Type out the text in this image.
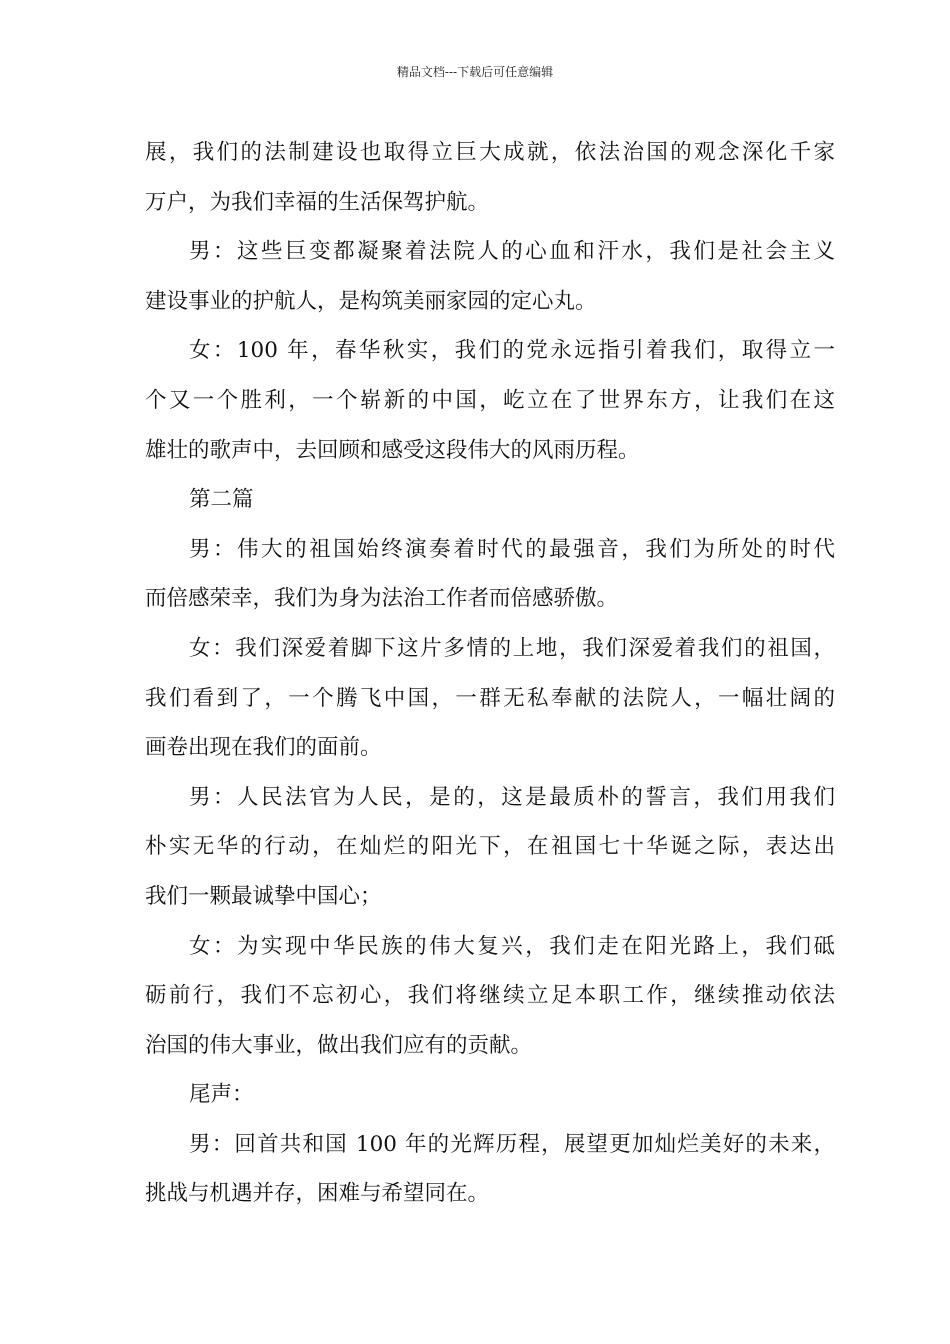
精品文档---下载后可任意编辑
展，我们的法制建设也取得立巨大成就，依法治国的观念深化千家
万户，为我们幸福的生活保驾护航。
男：这些巨变都凝聚着法院人的心血和汗水，我们是社会主义
建设事业的护航人，是构筑美丽家园的定心丸。
女：100 年，春华秋实，我们的党永远指引着我们，取得立一
个又一个胜利，一个崭新的中国，屹立在了世界东方，让我们在这
雄壮的歌声中，去回顾和感受这段伟大的风雨历程。
第二篇
男：伟大的祖国始终演奏着时代的最强音，我们为所处的时代
而倍感荣幸，我们为身为法治工作者而倍感骄傲。
女：我们深爱着脚下这片多情的上地，我们深爱着我们的祖国，
我们看到了，一个腾飞中国，一群无私奉献的法院人，一幅壮阔的
画卷出现在我们的面前。
男：人民法官为人民，是的，这是最质朴的誓言，我们用我们
朴实无华的行动，在灿烂的阳光下，在祖国七十华诞之际，表达出
我们一颗最诚挚中国心；
女：为实现中华民族的伟大复兴，我们走在阳光路上，我们砥
砺前行，我们不忘初心，我们将继续立足本职工作，继续推动依法
治国的伟大事业，做出我们应有的贡献。
尾声：
男：回首共和国 100 年的光辉历程，展望更加灿烂美好的未来，
挑战与机遇并存，困难与希望同在。
